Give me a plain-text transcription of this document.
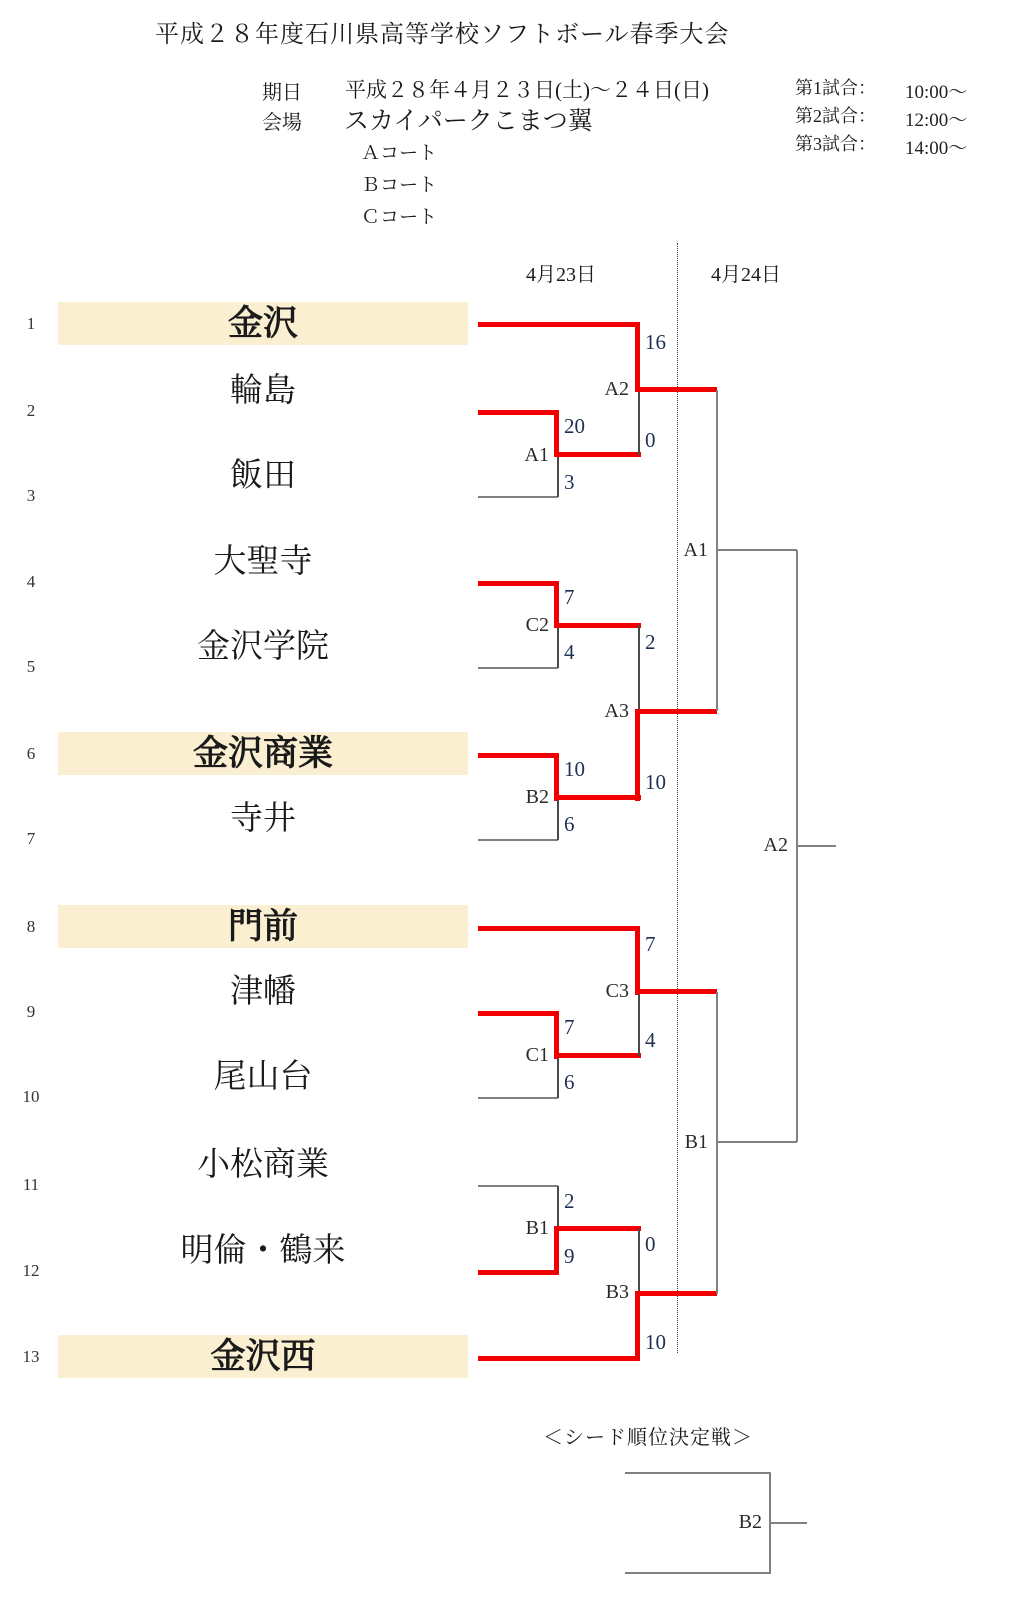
平成２８年度石川県高等学校ソフトボール春季大会
期日 平成２８年４月２３日(土)～２４日(日)
会場 スカイパークこまつ翼
Ａコート
Ｂコート
Ｃコート
第1試合： 10:00～
第2試合： 12:00～
第3試合： 14:00～
4月23日	4月24日
1	金沢
2
輪島
3
飯田
4
大聖寺
5
金沢学院
6	金沢商業
7
寺井
8	門前
9
津幡
10
尾山台
11
小松商業
12
明倫・鶴来
13	金沢西
A1
C2
B2
C1
B1
A2
A3
C3
B3
A1
B1
A2
20
3
7
4
10
6
7
6
2
9
16
0
2
10
7
4
0
10
＜シード順位決定戦＞
B2
